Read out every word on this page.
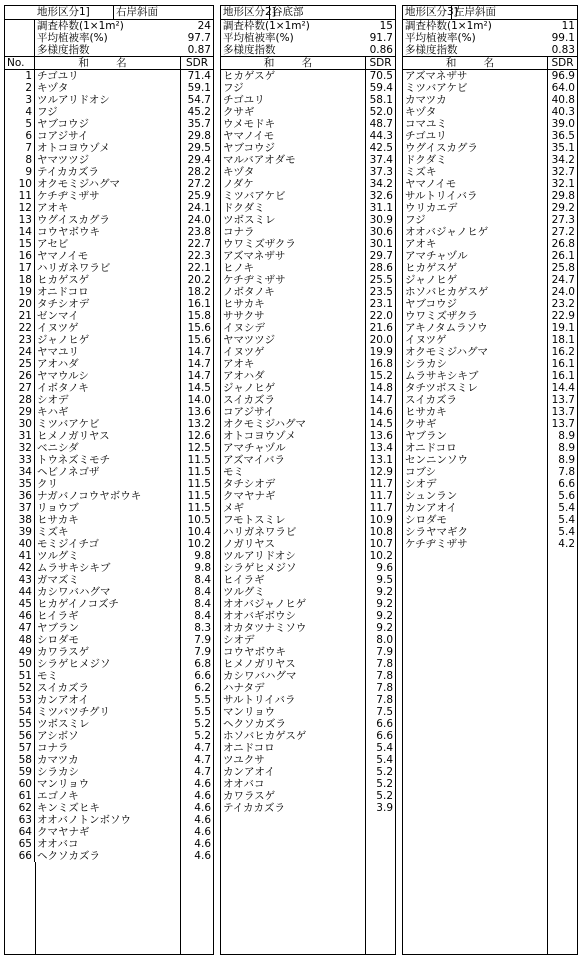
地形区分1]	右岸斜面
調査枠数(1×1m²)	24
平均植被率(%)	97.7
多様度指数	0.87
No.	和 名	SDR
1 チゴユリ	71.4
2 キヅタ	59.1
3 ツルアリドオシ	54.7
4 フジ	45.2
5 ヤブコウジ	35.7
6 コアジサイ	29.8
7 オトコヨウゾメ	29.5
8 ヤマツツジ	29.4
9 テイカカズラ	28.2
10 オクモミジハグマ	27.2
11 ケチヂミザサ	25.9
12 アオキ	24.1
13 ウグイスカグラ	24.0
14 コウヤボウキ	23.8
15 アセビ	22.7
16 ヤマノイモ	22.3
17 ハリガネワラビ	22.1
18 ヒカゲスゲ	20.2
19 オニドコロ	18.2
20 タチシオデ	16.1
21 ゼンマイ	15.8
22 イヌツゲ	15.6
23 ジャノヒゲ	15.6
24 ヤマユリ	14.7
25 アオハダ	14.7
26 ヤマウルシ	14.7
27 イボタノキ	14.5
28 シオデ	14.0
29 キハギ	13.6
30 ミツバアケビ	13.2
31 ヒメノガリヤス	12.6
32 ベニシダ	12.5
33 トウネズミモチ	11.5
34 ヘビノネゴザ	11.5
35 クリ	11.5
36 ナガバノコウヤボウキ	11.5
37 リョウブ	11.5
38 ヒサカキ	10.5
39 ミズキ	10.4
40 モミジイチゴ	10.2
41 ツルグミ	9.8
42 ムラサキシキブ	9.8
43 ガマズミ	8.4
44 カシワバハグマ	8.4
45 ヒカゲイノコズチ	8.4
46 ヒイラギ	8.4
47 ヤブラン	8.3
48 シロダモ	7.9
49 カワラスゲ	7.9
50 シラゲヒメジソ	6.8
51 モミ	6.6
52 スイカズラ	6.2
53 カンアオイ	5.5
54 ミツバツチグリ	5.5
55 ツボスミレ	5.2
56 アシボソ	5.2
57 コナラ	4.7
58 カマツカ	4.7
59 シラカシ	4.7
60 マンリョウ	4.6
61 エゴノキ	4.6
62 キンミズヒキ	4.6
63 オオバノトンボソウ	4.6
64 クマヤナギ	4.6
65 オオバコ	4.6
66 ヘクソカズラ	4.6
地形区分2]
谷底部
調査枠数(1×1m²)	15
平均植被率(%)	91.7
多様度指数	0.86
和 名	SDR
ヒカゲスゲ	70.5
フジ	59.4
チゴユリ	58.1
クサギ	52.0
ウメモドキ	48.7
ヤマノイモ	44.3
ヤブコウジ	42.5
マルバアオダモ	37.4
キヅタ	37.3
ノダケ	34.2
ミツバアケビ	32.6
ドクダミ	31.1
ツボスミレ	30.9
コナラ	30.6
ウワミズザクラ	30.1
アズマネザサ	29.7
ヒノキ	28.6
ケチヂミザサ	25.5
ノボタノキ	23.5
ヒサカキ	23.1
ササクサ	22.0
イヌシデ	21.6
ヤマツツジ	20.0
イヌツゲ	19.9
アオキ	16.8
アオハダ	15.2
ジャノヒゲ	14.8
スイカズラ	14.7
コアジサイ	14.6
オクモミジハグマ	14.5
オトコヨウゾメ	13.6
アマチャヅル	13.4
アズマイバラ	13.1
モミ	12.9
タチシオデ	11.7
クマヤナギ	11.7
メギ	11.7
フモトスミレ	10.9
ハリガネワラビ	10.8
ノガリヤス	10.7
ツルアリドオシ	10.2
シラゲヒメジソ	9.6
ヒイラギ	9.5
ツルグミ	9.2
オオバジャノヒゲ	9.2
オオバギボウシ	9.2
オカタツナミソウ	9.2
シオデ	8.0
コウヤボウキ	7.9
ヒメノガリヤス	7.8
カシワバハグマ	7.8
ハナタデ	7.8
サルトリイバラ	7.8
マンリョウ	7.5
ヘクソカズラ	6.6
ホソバヒカゲスゲ	6.6
オニドコロ	5.4
ツユクサ	5.4
カンアオイ	5.2
オオバコ	5.2
カワラスゲ	5.2
テイカカズラ	3.9
地形区分3]
左岸斜面
調査枠数(1×1m²)	11
平均植被率(%)	99.1
多様度指数	0.83
和 名	SDR
アズマネザサ	96.9
ミツバアケビ	64.0
カマツカ	40.8
キヅタ	40.3
コマユミ	39.0
チゴユリ	36.5
ウグイスカグラ	35.1
ドクダミ	34.2
ミズキ	32.7
ヤマノイモ	32.1
サルトリイバラ	29.8
ウリカエデ	29.2
フジ	27.3
オオバジャノヒゲ	27.2
アオキ	26.8
アマチャヅル	26.1
ヒカゲスゲ	25.8
ジャノヒゲ	24.7
ホソバヒカゲスゲ	24.0
ヤブコウジ	23.2
ウワミズザクラ	22.9
アキノタムラソウ	19.1
イヌツゲ	18.1
オクモミジハグマ	16.2
シラカシ	16.1
ムラサキシキブ	16.1
タチツボスミレ	14.4
スイカズラ	13.7
ヒサカキ	13.7
クサギ	13.7
ヤブラン	8.9
オニドコロ	8.9
センニンソウ	8.9
コブシ	7.8
シオデ	6.6
シュンラン	5.6
カンアオイ	5.4
シロダモ	5.4
シラヤマギク	5.4
ケチヂミザサ	4.2
